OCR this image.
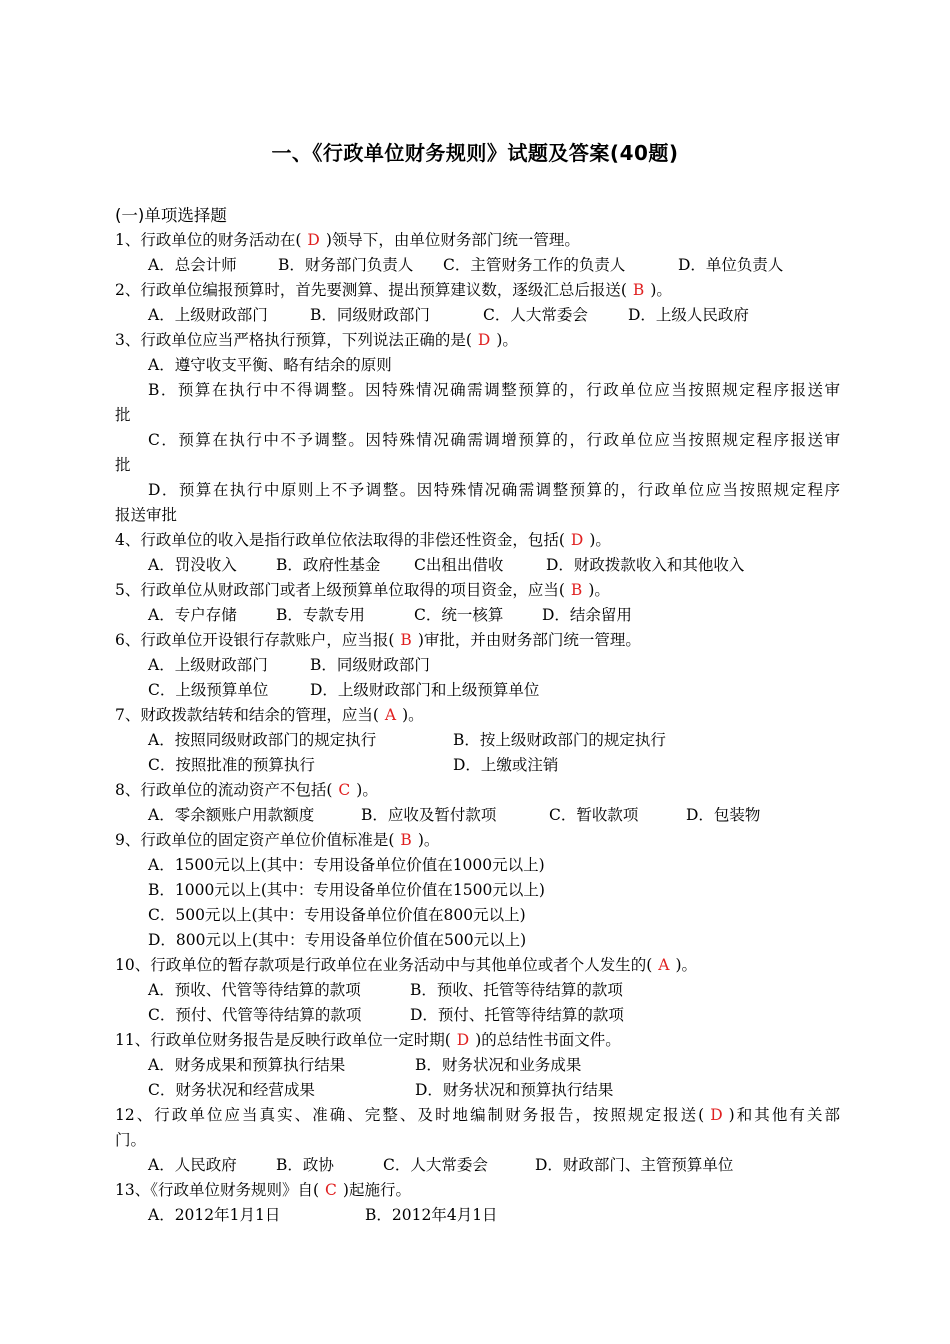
一、《行政单位财务规则》试题及答案(40题)
(一)单项选择题
1、行政单位的财务活动在( D )领导下，由单位财务部门统一管理。
A．总会计师	B．财务部门负责人 C．主管财务工作的负责人	D．单位负责人
2、行政单位编报预算时，首先要测算、提出预算建议数，逐级汇总后报送( B )。
A．上级财政部门	B．同级财政部门	C．人大常委会	D．上级人民政府
3、行政单位应当严格执行预算，下列说法正确的是( D )。
A．遵守收支平衡、略有结余的原则
B．预算在执行中不得调整。因特殊情况确需调整预算的，行政单位应当按照规定程序报送审
批
C．预算在执行中不予调整。因特殊情况确需调增预算的，行政单位应当按照规定程序报送审
批
D．预算在执行中原则上不予调整。因特殊情况确需调整预算的，行政单位应当按照规定程序
报送审批
4、行政单位的收入是指行政单位依法取得的非偿还性资金，包括( D )。
A．罚没收入	B．政府性基金 C出租出借收	D．财政拨款收入和其他收入
5、行政单位从财政部门或者上级预算单位取得的项目资金，应当( B )。
A．专户存储	B．专款专用	C．统一核算 D．结余留用
6、行政单位开设银行存款账户，应当报( B )审批，并由财务部门统一管理。
A．上级财政部门	B．同级财政部门
C．上级预算单位	D．上级财政部门和上级预算单位
7、财政拨款结转和结余的管理，应当( A )。
A．按照同级财政部门的规定执行	B．按上级财政部门的规定执行
C．按照批准的预算执行	D．上缴或注销
8、行政单位的流动资产不包括( C )。
A．零余额账户用款额度	B．应收及暂付款项	C．暂收款项	D．包装物
9、行政单位的固定资产单位价值标准是( B )。
A．1500元以上(其中：专用设备单位价值在1000元以上)
B．1000元以上(其中：专用设备单位价值在1500元以上)
C．500元以上(其中：专用设备单位价值在800元以上)
D．800元以上(其中：专用设备单位价值在500元以上)
10、行政单位的暂存款项是行政单位在业务活动中与其他单位或者个人发生的( A )。
A．预收、代管等待结算的款项	B．预收、托管等待结算的款项
C．预付、代管等待结算的款项	D．预付、托管等待结算的款项
11、行政单位财务报告是反映行政单位一定时期( D )的总结性书面文件。
A．财务成果和预算执行结果	B．财务状况和业务成果
C．财务状况和经营成果	D．财务状况和预算执行结果
12、行政单位应当真实、准确、完整、及时地编制财务报告，按照规定报送( D )和其他有关部
门。
A．人民政府	B．政协	C．人大常委会	D．财政部门、主管预算单位
13、《行政单位财务规则》自( C )起施行。
A．2012年1月1日	B．2012年4月1日
